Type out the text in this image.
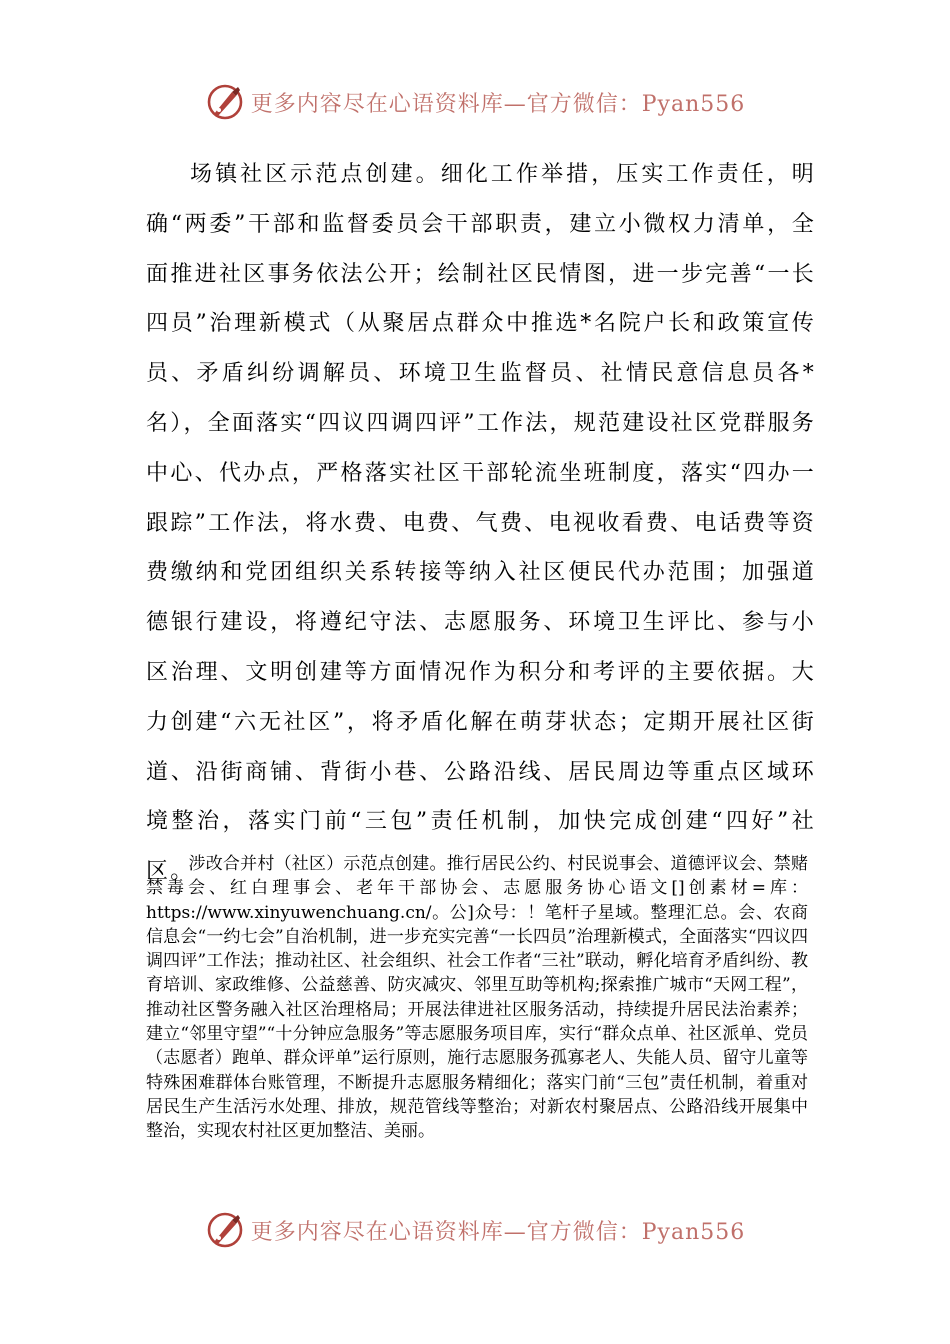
更多内容尽在心语资料库—官方微信：Pyan556

场镇社区示范点创建。细化工作举措，压实工作责任，明确“两委”干部和监督委员会干部职责，建立小微权力清单，全面推进社区事务依法公开；绘制社区民情图，进一步完善“一长四员”治理新模式（从聚居点群众中推选*名院户长和政策宣传员、矛盾纠纷调解员、环境卫生监督员、社情民意信息员各*名），全面落实“四议四调四评”工作法，规范建设社区党群服务中心、代办点，严格落实社区干部轮流坐班制度，落实“四办一跟踪”工作法，将水费、电费、气费、电视收看费、电话费等资费缴纳和党团组织关系转接等纳入社区便民代办范围；加强道德银行建设，将遵纪守法、志愿服务、环境卫生评比、参与小区治理、文明创建等方面情况作为积分和考评的主要依据。大力创建“六无社区”，将矛盾化解在萌芽状态；定期开展社区街道、沿街商铺、背街小巷、公路沿线、居民周边等重点区域环境整治，落实门前“三包”责任机制，加快完成创建“四好”社区。

涉改合并村（社区）示范点创建。推行居民公约、村民说事会、道德评议会、禁赌禁毒会、红白理事会、老年干部协会、志愿服务协心语文[]创素材=库：https://www.xinyuwenchuang.cn/。公]众号：！笔杆子星域。整理汇总。会、农商信息会“一约七会”自治机制，进一步充实完善“一长四员”治理新模式，全面落实“四议四调四评”工作法；推动社区、社会组织、社会工作者“三社”联动，孵化培育矛盾纠纷、教育培训、家政维修、公益慈善、防灾减灾、邻里互助等机构;探索推广城市“天网工程”，推动社区警务融入社区治理格局；开展法律进社区服务活动，持续提升居民法治素养；建立“邻里守望”“十分钟应急服务”等志愿服务项目库，实行“群众点单、社区派单、党员（志愿者）跑单、群众评单”运行原则，施行志愿服务孤寡老人、失能人员、留守儿童等特殊困难群体台账管理，不断提升志愿服务精细化；落实门前“三包”责任机制，着重对居民生产生活污水处理、排放，规范管线等整治；对新农村聚居点、公路沿线开展集中整治，实现农村社区更加整洁、美丽。

更多内容尽在心语资料库—官方微信：Pyan556
